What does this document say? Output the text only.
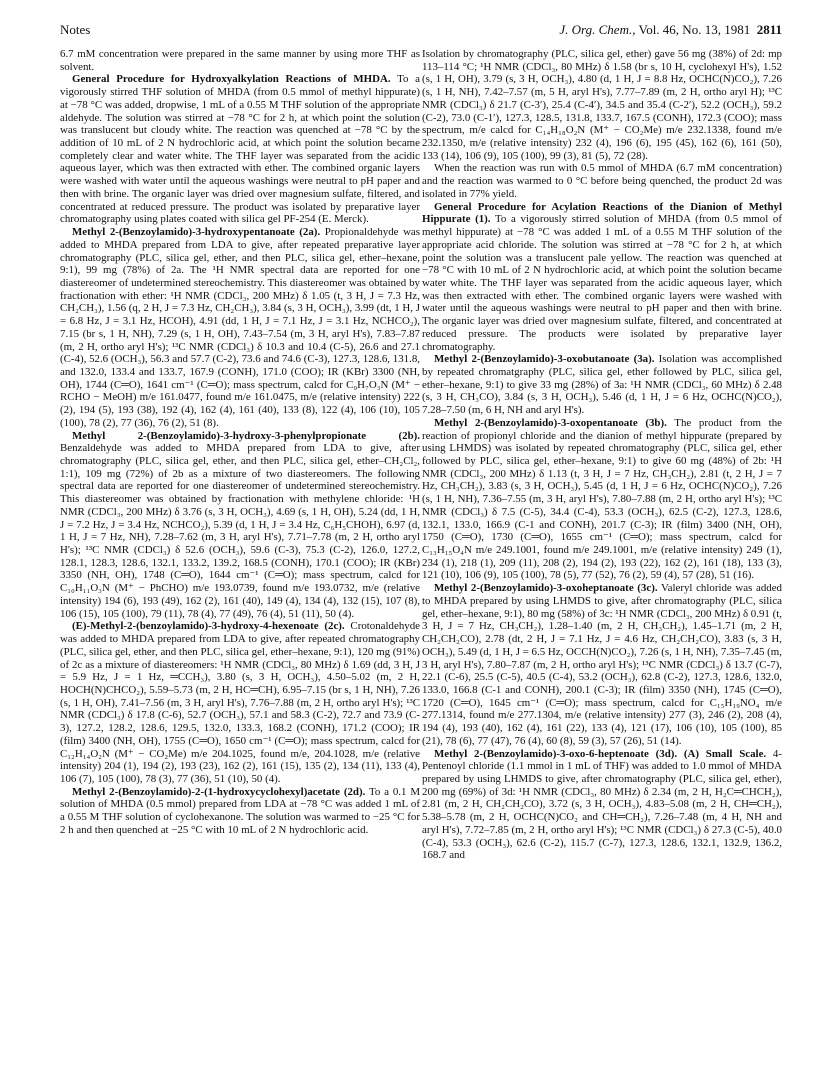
Notes	J. Org. Chem., Vol. 46, No. 13, 1981 2811

6.7 mM concentration were prepared in the same manner by using more THF as solvent.

General Procedure for Hydroxyalkylation Reactions of MHDA. To a vigorously stirred THF solution of MHDA (from 0.5 mmol of methyl hippurate) at −78 °C was added, dropwise, 1 mL of a 0.55 M THF solution of the appropriate aldehyde. The solution was stirred at −78 °C for 2 h, at which point the solution was translucent but cloudy white. The reaction was quenched at −78 °C by the addition of 10 mL of 2 N hydrochloric acid, at which point the solution became completely clear and water white. The THF layer was separated from the acidic aqueous layer, which was then extracted with ether. The combined organic layers were washed with water until the aqueous washings were neutral to pH paper and then with brine. The organic layer was dried over magnesium sulfate, filtered, and concentrated at reduced pressure. The product was isolated by preparative layer chromatography using plates coated with silica gel PF-254 (E. Merck).

Methyl 2-(Benzoylamido)-3-hydroxypentanoate (2a). Propionaldehyde was added to MHDA prepared from LDA to give, after repeated preparative layer chromatography (PLC, silica gel, ether, and then PLC, silica gel, ether–hexane, 9:1), 99 mg (78%) of 2a. The ¹H NMR spectral data are reported for one diastereomer of undetermined stereochemistry. This diastereomer was obtained by fractionation with ether: ¹H NMR (CDCl₃, 200 MHz) δ 1.05 (t, 3 H, J = 7.3 Hz, CH₂CH₃), 1.56 (q, 2 H, J = 7.3 Hz, CH₂CH₃), 3.84 (s, 3 H, OCH₃), 3.99 (dt, 1 H, J = 6.8 Hz, J = 3.1 Hz, HCOH), 4.91 (dd, 1 H, J = 7.1 Hz, J = 3.1 Hz, NCHCO₂), 7.15 (br s, 1 H, NH), 7.29 (s, 1 H, OH), 7.43–7.54 (m, 3 H, aryl H's), 7.83–7.87 (m, 2 H, ortho aryl H's); ¹³C NMR (CDCl₃) δ 10.3 and 10.4 (C-5), 26.6 and 27.1 (C-4), 52.6 (OCH₃), 56.3 and 57.7 (C-2), 73.6 and 74.6 (C-3), 127.3, 128.6, 131.8, and 132.0, 133.4 and 133.7, 167.9 (CONH), 171.0 (COO); IR (KBr) 3300 (NH, OH), 1744 (C═O), 1641 cm⁻¹ (C═O); mass spectrum, calcd for C₉H₇O₃N (M⁺ − RCHO − MeOH) m/e 161.0477, found m/e 161.0475, m/e (relative intensity) 222 (2), 194 (5), 193 (38), 192 (4), 162 (4), 161 (40), 133 (8), 122 (4), 106 (10), 105 (100), 78 (2), 77 (36), 76 (2), 51 (8).

Methyl 2-(Benzoylamido)-3-hydroxy-3-phenylpropionate (2b). Benzaldehyde was added to MHDA prepared from LDA to give, after chromatography (PLC, silica gel, ether, and then PLC, silica gel, ether–CH₂Cl₂, 1:1), 109 mg (72%) of 2b as a mixture of two diastereomers. The following spectral data are reported for one diastereomer of undetermined stereochemistry. This diastereomer was obtained by fractionation with methylene chloride: ¹H NMR (CDCl₃, 200 MHz) δ 3.76 (s, 3 H, OCH₃), 4.69 (s, 1 H, OH), 5.24 (dd, 1 H, J = 7.2 Hz, J = 3.4 Hz, NCHCO₂), 5.39 (d, 1 H, J = 3.4 Hz, C₆H₅CHOH), 6.97 (d, 1 H, J = 7 Hz, NH), 7.28–7.62 (m, 3 H, aryl H's), 7.71–7.78 (m, 2 H, ortho aryl H's); ¹³C NMR (CDCl₃) δ 52.6 (OCH₃), 59.6 (C-3), 75.3 (C-2), 126.0, 127.2, 128.1, 128.3, 128.6, 132.1, 133.2, 139.2, 168.5 (CONH), 170.1 (COO); IR (KBr) 3350 (NH, OH), 1748 (C═O), 1644 cm⁻¹ (C═O); mass spectrum, calcd for C₁₀H₁₁O₃N (M⁺ − PhCHO) m/e 193.0739, found m/e 193.0732, m/e (relative intensity) 194 (6), 193 (49), 162 (2), 161 (40), 149 (4), 134 (4), 132 (15), 107 (8), 106 (15), 105 (100), 79 (11), 78 (4), 77 (49), 76 (4), 51 (11), 50 (4).

(E)-Methyl-2-(benzoylamido)-3-hydroxy-4-hexenoate (2c). Crotonaldehyde was added to MHDA prepared from LDA to give, after repeated chromatography (PLC, silica gel, ether, and then PLC, silica gel, ether–hexane, 9:1), 120 mg (91%) of 2c as a mixture of diastereomers: ¹H NMR (CDCl₃, 80 MHz) δ 1.69 (dd, 3 H, J = 5.9 Hz, J = 1 Hz, ═CCH₃), 3.80 (s, 3 H, OCH₃), 4.50–5.02 (m, 2 H, HOCH(N)CHCO₂), 5.59–5.73 (m, 2 H, HC═CH), 6.95–7.15 (br s, 1 H, NH), 7.26 (s, 1 H, OH), 7.41–7.56 (m, 3 H, aryl H's), 7.76–7.88 (m, 2 H, ortho aryl H's); ¹³C NMR (CDCl₃) δ 17.8 (C-6), 52.7 (OCH₃), 57.1 and 58.3 (C-2), 72.7 and 73.9 (C-3), 127.2, 128.2, 128.6, 129.5, 132.0, 133.3, 168.2 (CONH), 171.2 (COO); IR (film) 3400 (NH, OH), 1755 (C═O), 1650 cm⁻¹ (C═O); mass spectrum, calcd for C₁₂H₁₄O₂N (M⁺ − CO₂Me) m/e 204.1025, found m/e, 204.1028, m/e (relative intensity) 204 (1), 194 (2), 193 (23), 162 (2), 161 (15), 135 (2), 134 (11), 133 (4), 106 (7), 105 (100), 78 (3), 77 (36), 51 (10), 50 (4).

Methyl 2-(Benzoylamido)-2-(1-hydroxycyclohexyl)acetate (2d). To a 0.1 M solution of MHDA (0.5 mmol) prepared from LDA at −78 °C was added 1 mL of a 0.55 M THF solution of cyclohexanone. The solution was warmed to −25 °C for 2 h and then quenched at −25 °C with 10 mL of 2 N hydrochloric acid.

Isolation by chromatography (PLC, silica gel, ether) gave 56 mg (38%) of 2d: mp 113–114 °C; ¹H NMR (CDCl₃, 80 MHz) δ 1.58 (br s, 10 H, cyclohexyl H's), 1.52 (s, 1 H, OH), 3.79 (s, 3 H, OCH₃), 4.80 (d, 1 H, J = 8.8 Hz, OCHC(N)CO₂), 7.26 (s, 1 H, NH), 7.42–7.57 (m, 5 H, aryl H's), 7.77–7.89 (m, 2 H, ortho aryl H); ¹³C NMR (CDCl₃) δ 21.7 (C-3′), 25.4 (C-4′), 34.5 and 35.4 (C-2′), 52.2 (OCH₃), 59.2 (C-2), 73.0 (C-1′), 127.3, 128.5, 131.8, 133.7, 167.5 (CONH), 172.3 (COO); mass spectrum, m/e calcd for C₁₄H₁₈O₂N (M⁺ − CO₂Me) m/e 232.1338, found m/e 232.1350, m/e (relative intensity) 232 (4), 196 (6), 195 (45), 162 (6), 161 (50), 133 (14), 106 (9), 105 (100), 99 (3), 81 (5), 72 (28).

When the reaction was run with 0.5 mmol of MHDA (6.7 mM concentration) and the reaction was warmed to 0 °C before being quenched, the product 2d was isolated in 77% yield.

General Procedure for Acylation Reactions of the Dianion of Methyl Hippurate (1). To a vigorously stirred solution of MHDA (from 0.5 mmol of methyl hippurate) at −78 °C was added 1 mL of a 0.55 M THF solution of the appropriate acid chloride. The solution was stirred at −78 °C for 2 h, at which point the solution was a translucent pale yellow. The reaction was quenched at −78 °C with 10 mL of 2 N hydrochloric acid, at which point the solution became water white. The THF layer was separated from the acidic aqueous layer, which was then extracted with ether. The combined organic layers were washed with water until the aqueous washings were neutral to pH paper and then with brine. The organic layer was dried over magnesium sulfate, filtered, and concentrated at reduced pressure. The products were isolated by preparative layer chromatography.

Methyl 2-(Benzoylamido)-3-oxobutanoate (3a). Isolation was accomplished by repeated chromatgraphy (PLC, silica gel, ether followed by PLC, silica gel, ether–hexane, 9:1) to give 33 mg (28%) of 3a: ¹H NMR (CDCl₃, 60 MHz) δ 2.48 (s, 3 H, CH₃CO), 3.84 (s, 3 H, OCH₃), 5.46 (d, 1 H, J = 6 Hz, OCHC(N)CO₂), 7.28–7.50 (m, 6 H, NH and aryl H's).

Methyl 2-(Benzoylamido)-3-oxopentanoate (3b). The product from the reaction of propionyl chloride and the dianion of methyl hippurate (prepared by using LHMDS) was isolated by repeated chromatography (PLC, silica gel, ether followed by PLC, silica gel, ether–hexane, 9:1) to give 60 mg (48%) of 2b: ¹H NMR (CDCl₃, 200 MHz) δ 1.13 (t, 3 H, J = 7 Hz, CH₃CH₂), 2.81 (t, 2 H, J = 7 Hz, CH₃CH₂), 3.83 (s, 3 H, OCH₃), 5.45 (d, 1 H, J = 6 Hz, OCHC(N)CO₂), 7.26 (s, 1 H, NH), 7.36–7.55 (m, 3 H, aryl H's), 7.80–7.88 (m, 2 H, ortho aryl H's); ¹³C NMR (CDCl₃) δ 7.5 (C-5), 34.4 (C-4), 53.3 (OCH₃), 62.5 (C-2), 127.3, 128.6, 132.1, 133.0, 166.9 (C-1 and CONH), 201.7 (C-3); IR (film) 3400 (NH, OH), 1750 (C═O), 1730 (C═O), 1655 cm⁻¹ (C═O); mass spectrum, calcd for C₁₃H₁₅O₄N m/e 249.1001, found m/e 249.1001, m/e (relative intensity) 249 (1), 234 (1), 218 (1), 209 (11), 208 (2), 194 (2), 193 (22), 162 (2), 161 (18), 133 (3), 121 (10), 106 (9), 105 (100), 78 (5), 77 (52), 76 (2), 59 (4), 57 (28), 51 (16).

Methyl 2-(Benzoylamido)-3-oxoheptanoate (3c). Valeryl chloride was added to MHDA prepared by using LHMDS to give, after chromatography (PLC, silica gel, ether–hexane, 9:1), 80 mg (58%) of 3c: ¹H NMR (CDCl₃, 200 MHz) δ 0.91 (t, 3 H, J = 7 Hz, CH₃CH₂), 1.28–1.40 (m, 2 H, CH₃CH₂), 1.45–1.71 (m, 2 H, CH₂CH₂CO), 2.78 (dt, 2 H, J = 7.1 Hz, J = 4.6 Hz, CH₂CH₂CO), 3.83 (s, 3 H, OCH₃), 5.49 (d, 1 H, J = 6.5 Hz, OCCH(N)CO₂), 7.26 (s, 1 H, NH), 7.35–7.45 (m, 3 H, aryl H's), 7.80–7.87 (m, 2 H, ortho aryl H's); ¹³C NMR (CDCl₃) δ 13.7 (C-7), 22.1 (C-6), 25.5 (C-5), 40.5 (C-4), 53.2 (OCH₃), 62.8 (C-2), 127.3, 128.6, 132.0, 133.0, 166.8 (C-1 and CONH), 200.1 (C-3); IR (film) 3350 (NH), 1745 (C═O), 1720 (C═O), 1645 cm⁻¹ (C═O); mass spectrum, calcd for C₁₅H₁₉NO₄ m/e 277.1314, found m/e 277.1304, m/e (relative intensity) 277 (3), 246 (2), 208 (4), 194 (4), 193 (40), 162 (4), 161 (22), 133 (4), 121 (17), 106 (10), 105 (100), 85 (21), 78 (6), 77 (47), 76 (4), 60 (8), 59 (3), 57 (26), 51 (14).

Methyl 2-(Benzoylamido)-3-oxo-6-heptenoate (3d). (A) Small Scale. 4-Pentenoyl chloride (1.1 mmol in 1 mL of THF) was added to 1.0 mmol of MHDA prepared by using LHMDS to give, after chromatography (PLC, silica gel, ether), 200 mg (69%) of 3d: ¹H NMR (CDCl₃, 80 MHz) δ 2.34 (m, 2 H, H₂C═CHCH₂), 2.81 (m, 2 H, CH₂CH₂CO), 3.72 (s, 3 H, OCH₃), 4.83–5.08 (m, 2 H, CH═CH₂), 5.38–5.78 (m, 2 H, OCHC(N)CO₂ and CH═CH₂), 7.26–7.48 (m, 4 H, NH and aryl H's), 7.72–7.85 (m, 2 H, ortho aryl H's); ¹³C NMR (CDCl₃) δ 27.3 (C-5), 40.0 (C-4), 53.3 (OCH₃), 62.6 (C-2), 115.7 (C-7), 127.3, 128.6, 132.1, 132.9, 136.2, 168.7 and
